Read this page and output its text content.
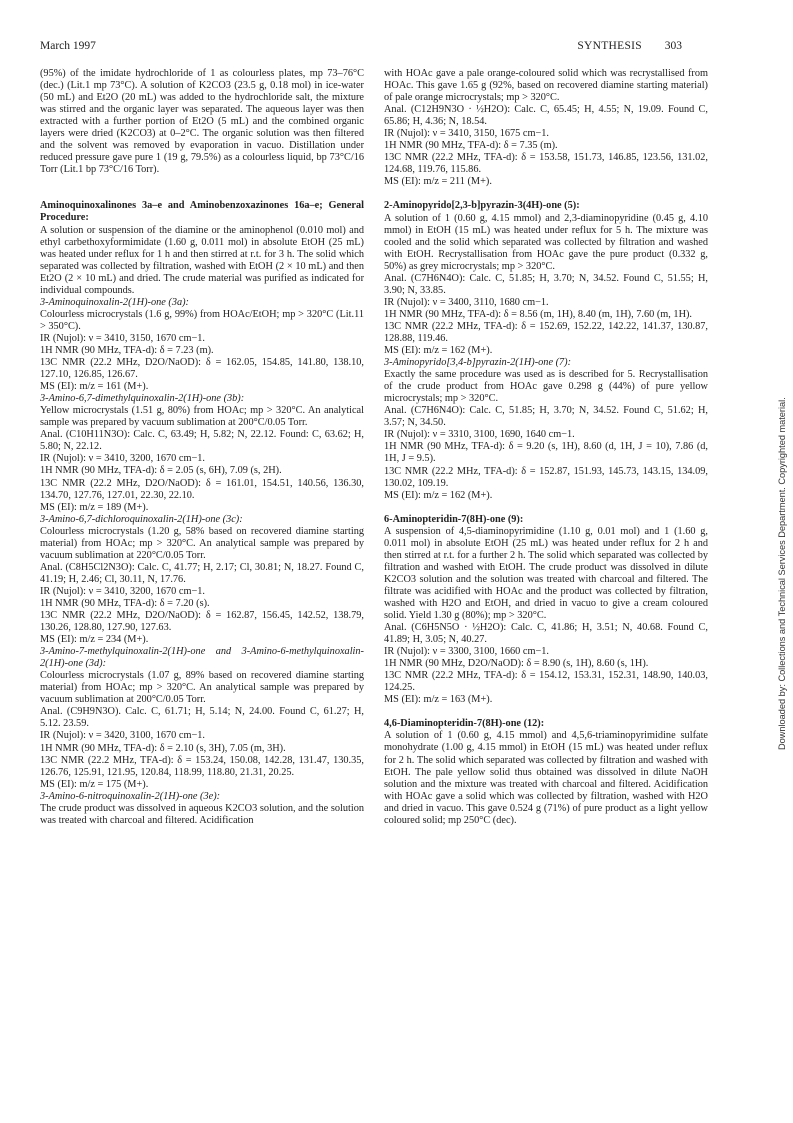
March 1997	SYNTHESIS 303

(95%) of the imidate hydrochloride of 1 as colourless plates, mp 73–76°C (dec.) (Lit.1 mp 73°C). A solution of K2CO3 (23.5 g, 0.18 mol) in ice-water (50 mL) and Et2O (20 mL) was added to the hydrochloride salt, the mixture was stirred and the organic layer was separated. The aqueous layer was then extracted with a further portion of Et2O (5 mL) and the combined organic layers were dried (K2CO3) at 0–2°C. The organic solution was then filtered and the solvent was removed by evaporation in vacuo. Distillation under reduced pressure gave pure 1 (19 g, 79.5%) as a colourless liquid, bp 73°C/16 Torr (Lit.1 bp 73°C/16 Torr).

Aminoquinoxalinones 3a–e and Aminobenzoxazinones 16a–e; General Procedure:

A solution or suspension of the diamine or the aminophenol (0.010 mol) and ethyl carbethoxyformimidate (1.60 g, 0.011 mol) in absolute EtOH (25 mL) was heated under reflux for 1 h and then stirred at r.t. for 3 h. The solid which separated was collected by filtration, washed with EtOH (2 × 10 mL) and then Et2O (2 × 10 mL) and dried. The crude material was purified as indicated for individual compounds.

3-Aminoquinoxalin-2(1H)-one (3a):

Colourless microcrystals (1.6 g, 99%) from HOAc/EtOH; mp > 320°C (Lit.11 > 350°C).

IR (Nujol): ν = 3410, 3150, 1670 cm−1.

1H NMR (90 MHz, TFA-d): δ = 7.23 (m).

13C NMR (22.2 MHz, D2O/NaOD): δ = 162.05, 154.85, 141.80, 138.10, 127.10, 126.85, 126.67.

MS (EI): m/z = 161 (M+).

3-Amino-6,7-dimethylquinoxalin-2(1H)-one (3b):

Yellow microcrystals (1.51 g, 80%) from HOAc; mp > 320°C. An analytical sample was prepared by vacuum sublimation at 200°C/0.05 Torr.

Anal. (C10H11N3O): Calc. C, 63.49; H, 5.82; N, 22.12. Found: C, 63.62; H, 5.80; N, 22.12.

IR (Nujol): ν = 3410, 3200, 1670 cm−1.

1H NMR (90 MHz, TFA-d): δ = 2.05 (s, 6H), 7.09 (s, 2H).

13C NMR (22.2 MHz, D2O/NaOD): δ = 161.01, 154.51, 140.56, 136.30, 134.70, 127.76, 127.01, 22.30, 22.10.

MS (EI): m/z = 189 (M+).

3-Amino-6,7-dichloroquinoxalin-2(1H)-one (3c):

Colourless microcrystals (1.20 g, 58% based on recovered diamine starting material) from HOAc; mp > 320°C. An analytical sample was prepared by vacuum sublimation at 220°C/0.05 Torr.

Anal. (C8H5Cl2N3O): Calc. C, 41.77; H, 2.17; Cl, 30.81; N, 18.27. Found C, 41.19; H, 2.46; Cl, 30.11, N, 17.76.

IR (Nujol): ν = 3410, 3200, 1670 cm−1.

1H NMR (90 MHz, TFA-d): δ = 7.20 (s).

13C NMR (22.2 MHz, D2O/NaOD): δ = 162.87, 156.45, 142.52, 138.79, 130.26, 128.80, 127.90, 127.63.

MS (EI): m/z = 234 (M+).

3-Amino-7-methylquinoxalin-2(1H)-one and 3-Amino-6-methylquinoxalin-2(1H)-one (3d):

Colourless microcrystals (1.07 g, 89% based on recovered diamine starting material) from HOAc; mp > 320°C. An analytical sample was prepared by vacuum sublimation at 200°C/0.05 Torr.

Anal. (C9H9N3O). Calc. C, 61.71; H, 5.14; N, 24.00. Found C, 61.27; H, 5.12. 23.59.

IR (Nujol): ν = 3420, 3100, 1670 cm−1.

1H NMR (90 MHz, TFA-d): δ = 2.10 (s, 3H), 7.05 (m, 3H).

13C NMR (22.2 MHz, TFA-d): δ = 153.24, 150.08, 142.28, 131.47, 130.35, 126.76, 125.91, 121.95, 120.84, 118.99, 118.80, 21.31, 20.25.

MS (EI): m/z = 175 (M+).

3-Amino-6-nitroquinoxalin-2(1H)-one (3e):

The crude product was dissolved in aqueous K2CO3 solution, and the solution was treated with charcoal and filtered. Acidification

with HOAc gave a pale orange-coloured solid which was recrystallised from HOAc. This gave 1.65 g (92%, based on recovered diamine starting material) of pale orange microcrystals; mp > 320°C.

Anal. (C12H9N3O · ½H2O): Calc. C, 65.45; H, 4.55; N, 19.09. Found C, 65.86; H, 4.36; N, 18.54.

IR (Nujol): ν = 3410, 3150, 1675 cm−1.

1H NMR (90 MHz, TFA-d): δ = 7.35 (m).

13C NMR (22.2 MHz, TFA-d): δ = 153.58, 151.73, 146.85, 123.56, 131.02, 124.68, 119.76, 115.86.

MS (EI): m/z = 211 (M+).

2-Aminopyrido[2,3-b]pyrazin-3(4H)-one (5):

A solution of 1 (0.60 g, 4.15 mmol) and 2,3-diaminopyridine (0.45 g, 4.10 mmol) in EtOH (15 mL) was heated under reflux for 5 h. The mixture was cooled and the solid which separated was collected by filtration and washed with EtOH. Recrystallisation from HOAc gave the pure product (0.332 g, 50%) as grey microcrystals; mp > 320°C.

Anal. (C7H6N4O): Calc. C, 51.85; H, 3.70; N, 34.52. Found C, 51.55; H, 3.90; N, 33.85.

IR (Nujol): ν = 3400, 3110, 1680 cm−1.

1H NMR (90 MHz, TFA-d): δ = 8.56 (m, 1H), 8.40 (m, 1H), 7.60 (m, 1H).

13C NMR (22.2 MHz, TFA-d): δ = 152.69, 152.22, 142.22, 141.37, 130.87, 128.88, 119.46.

MS (EI): m/z = 162 (M+).

3-Aminopyrido[3,4-b]pyrazin-2(1H)-one (7):

Exactly the same procedure was used as is described for 5. Recrystallisation of the crude product from HOAc gave 0.298 g (44%) of pure yellow microcrystals; mp > 320°C.

Anal. (C7H6N4O): Calc. C, 51.85; H, 3.70; N, 34.52. Found C, 51.62; H, 3.57; N, 34.50.

IR (Nujol): ν = 3310, 3100, 1690, 1640 cm−1.

1H NMR (90 MHz, TFA-d): δ = 9.20 (s, 1H), 8.60 (d, 1H, J = 10), 7.86 (d, 1H, J = 9.5).

13C NMR (22.2 MHz, TFA-d): δ = 152.87, 151.93, 145.73, 143.15, 134.09, 130.02, 109.19.

MS (EI): m/z = 162 (M+).

6-Aminopteridin-7(8H)-one (9):

A suspension of 4,5-diaminopyrimidine (1.10 g, 0.01 mol) and 1 (1.60 g, 0.011 mol) in absolute EtOH (25 mL) was heated under reflux for 2 h and then stirred at r.t. for a further 2 h. The solid which separated was collected by filtration and washed with EtOH. The crude product was dissolved in dilute K2CO3 solution and the solution was treated with charcoal and filtered. The filtrate was acidified with HOAc and the product was collected by filtration, washed with H2O and EtOH, and dried in vacuo to give a cream coloured solid. Yield 1.30 g (80%); mp > 320°C.

Anal. (C6H5N5O · ½H2O): Calc. C, 41.86; H, 3.51; N, 40.68. Found C, 41.89; H, 3.05; N, 40.27.

IR (Nujol): ν = 3300, 3100, 1660 cm−1.

1H NMR (90 MHz, D2O/NaOD): δ = 8.90 (s, 1H), 8.60 (s, 1H).

13C NMR (22.2 MHz, TFA-d): δ = 154.12, 153.31, 152.31, 148.90, 140.03, 124.25.

MS (EI): m/z = 163 (M+).

4,6-Diaminopteridin-7(8H)-one (12):

A solution of 1 (0.60 g, 4.15 mmol) and 4,5,6-triaminopyrimidine sulfate monohydrate (1.00 g, 4.15 mmol) in EtOH (15 mL) was heated under reflux for 2 h. The solid which separated was collected by filtration and washed with EtOH. The pale yellow solid thus obtained was dissolved in dilute NaOH solution and the mixture was treated with charcoal and filtered. Acidification with HOAc gave a solid which was collected by filtration, washed with H2O and dried in vacuo. This gave 0.524 g (71%) of pure product as a light yellow coloured solid; mp 250°C (dec).

Downloaded by: Collections and Technical Services Department. Copyrighted material.
